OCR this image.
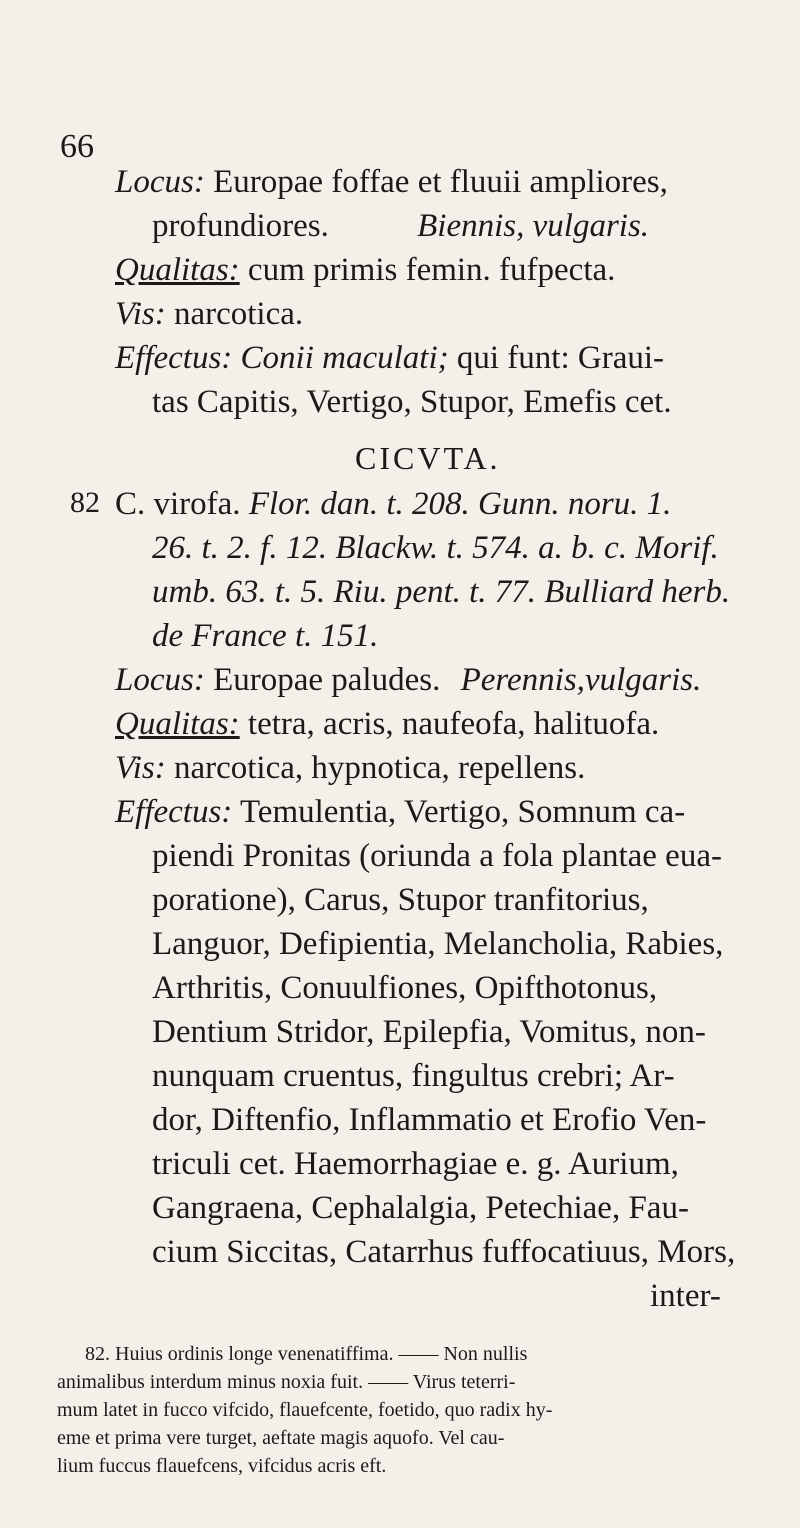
66
Locus: Europae foffae et fluuii ampliores,
profundiores.	Biennis, vulgaris.
Qualitas: cum primis femin. fufpecta.
Vis: narcotica.
Effectus: Conii maculati; qui funt: Graui-
tas Capitis, Vertigo, Stupor, Emefis cet.
CICVTA.
82 C. virofa. Flor. dan. t. 208. Gunn. noru. 1.
26. t. 2. f. 12. Blackw. t. 574. a. b. c. Morif.
umb. 63. t. 5. Riu. pent. t. 77. Bulliard herb.
de France t. 151.
Locus: Europae paludes. Perennis,vulgaris.
Qualitas: tetra, acris, naufeofa, halituofa.
Vis: narcotica, hypnotica, repellens.
Effectus: Temulentia, Vertigo, Somnum ca-
piendi Pronitas (oriunda a fola plantae eua-
poratione), Carus, Stupor tranfitorius,
Languor, Defipientia, Melancholia, Rabies,
Arthritis, Conuulfiones, Opifthotonus,
Dentium Stridor, Epilepfia, Vomitus, non-
nunquam cruentus, fingultus crebri; Ar-
dor, Diftenfio, Inflammatio et Erofio Ven-
triculi cet. Haemorrhagiae e. g. Aurium,
Gangraena, Cephalalgia, Petechiae, Fau-
cium Siccitas, Catarrhus fuffocatiuus, Mors,
inter-
82. Huius ordinis longe venenatiffima. —— Non nullis
animalibus interdum minus noxia fuit. —— Virus teterri-
mum latet in fucco vifcido, flauefcente, foetido, quo radix hy-
eme et prima vere turget, aeftate magis aquofo. Vel cau-
lium fuccus flauefcens, vifcidus acris eft.
